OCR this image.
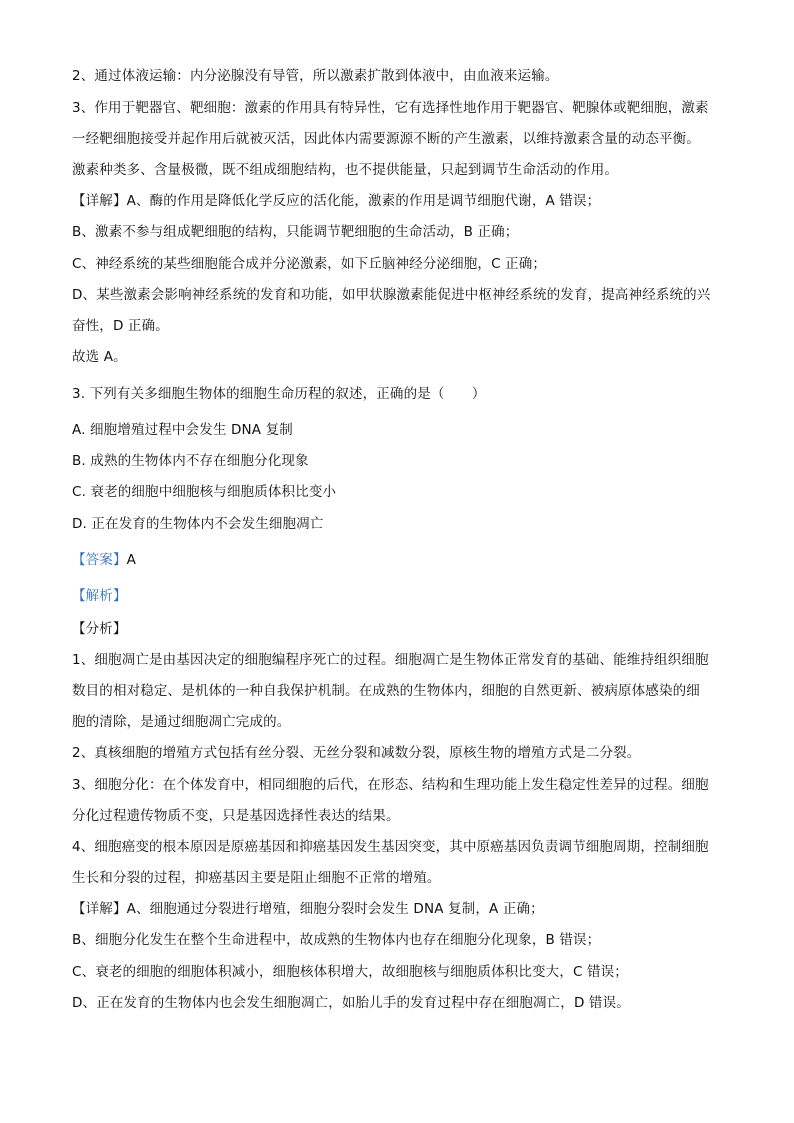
2、通过体液运输：内分泌腺没有导管，所以激素扩散到体液中，由血液来运输。
3、作用于靶器官、靶细胞：激素的作用具有特异性，它有选择性地作用于靶器官、靶腺体或靶细胞，激素
一经靶细胞接受并起作用后就被灭活，因此体内需要源源不断的产生激素，以维持激素含量的动态平衡。
激素种类多、含量极微，既不组成细胞结构，也不提供能量，只起到调节生命活动的作用。
【详解】A、酶的作用是降低化学反应的活化能，激素的作用是调节细胞代谢，A 错误；
B、激素不参与组成靶细胞的结构，只能调节靶细胞的生命活动，B 正确；
C、神经系统的某些细胞能合成并分泌激素，如下丘脑神经分泌细胞，C 正确；
D、某些激素会影响神经系统的发育和功能，如甲状腺激素能促进中枢神经系统的发育，提高神经系统的兴
奋性，D 正确。
故选 A。
3. 下列有关多细胞生物体的细胞生命历程的叙述，正确的是（　　）
A. 细胞增殖过程中会发生 DNA 复制
B. 成熟的生物体内不存在细胞分化现象
C. 衰老的细胞中细胞核与细胞质体积比变小
D. 正在发育的生物体内不会发生细胞凋亡
【答案】A
【解析】
【分析】
1、细胞凋亡是由基因决定的细胞编程序死亡的过程。细胞凋亡是生物体正常发育的基础、能维持组织细胞
数目的相对稳定、是机体的一种自我保护机制。在成熟的生物体内，细胞的自然更新、被病原体感染的细
胞的清除，是通过细胞凋亡完成的。
2、真核细胞的增殖方式包括有丝分裂、无丝分裂和减数分裂，原核生物的增殖方式是二分裂。
3、细胞分化：在个体发育中，相同细胞的后代，在形态、结构和生理功能上发生稳定性差异的过程。细胞
分化过程遗传物质不变，只是基因选择性表达的结果。
4、细胞癌变的根本原因是原癌基因和抑癌基因发生基因突变，其中原癌基因负责调节细胞周期，控制细胞
生长和分裂的过程，抑癌基因主要是阻止细胞不正常的增殖。
【详解】A、细胞通过分裂进行增殖，细胞分裂时会发生 DNA 复制，A 正确；
B、细胞分化发生在整个生命进程中，故成熟的生物体内也存在细胞分化现象，B 错误；
C、衰老的细胞的细胞体积减小，细胞核体积增大，故细胞核与细胞质体积比变大，C 错误；
D、正在发育的生物体内也会发生细胞凋亡，如胎儿手的发育过程中存在细胞凋亡，D 错误。
